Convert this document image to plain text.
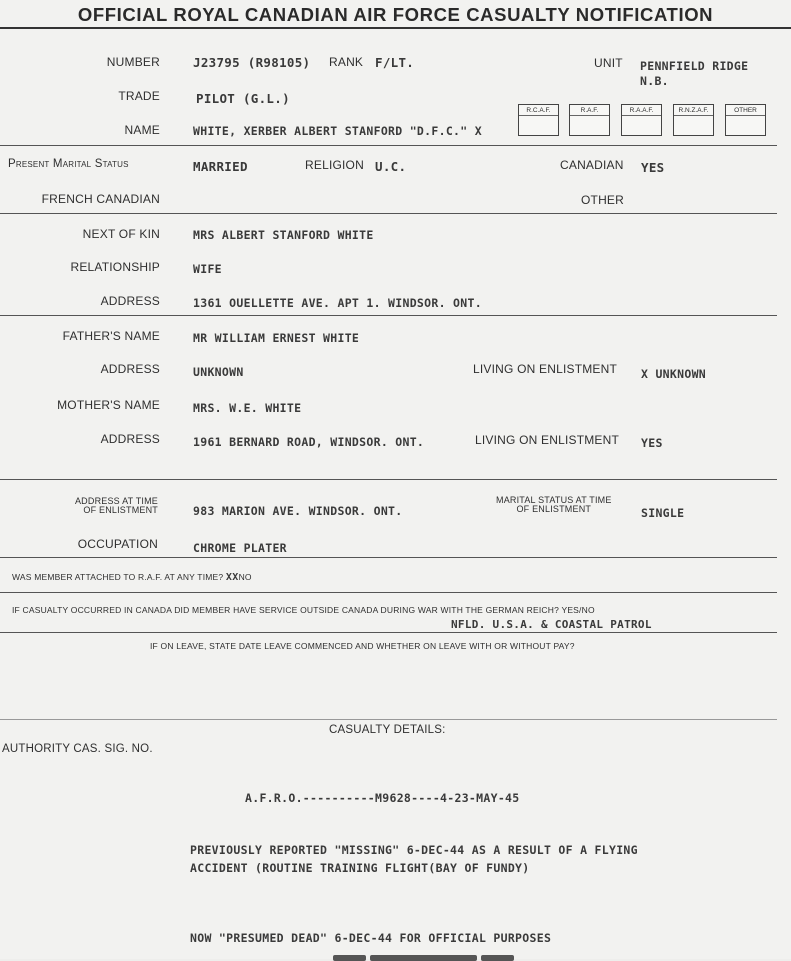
OFFICIAL ROYAL CANADIAN AIR FORCE CASUALTY NOTIFICATION
NUMBER	J23795 (R98105) RANK F/LT.	UNIT PENNFIELD RIDGE
N.B.
TRADE	PILOT (G.L.)
R.C.A.F.	R.A.F.	R.A.A.F.	R.N.Z.A.F.	OTHER
NAME	WHITE, XERBER ALBERT STANFORD "D.F.C." X
Present Marital Status	MARRIED	RELIGION U.C.	CANADIAN YES
FRENCH CANADIAN	OTHER
NEXT OF KIN	MRS ALBERT STANFORD WHITE
RELATIONSHIP	WIFE
ADDRESS	1361 OUELLETTE AVE. APT 1. WINDSOR. ONT.
FATHER'S NAME	MR WILLIAM ERNEST WHITE
ADDRESS	UNKNOWN	LIVING ON ENLISTMENT X UNKNOWN
MOTHER'S NAME	MRS. W.E. WHITE
ADDRESS	1961 BERNARD ROAD, WINDSOR. ONT.	LIVING ON ENLISTMENT YES
ADDRESS AT TIME
OF ENLISTMENT	983 MARION AVE. WINDSOR. ONT.
MARITAL STATUS AT TIME
OF ENLISTMENT	SINGLE
OCCUPATION	CHROME PLATER
WAS MEMBER ATTACHED TO R.A.F. AT ANY TIME? XXNO
IF CASUALTY OCCURRED IN CANADA DID MEMBER HAVE SERVICE OUTSIDE CANADA DURING WAR WITH THE GERMAN REICH? YES/NO
NFLD. U.S.A. & COASTAL PATROL
IF ON LEAVE, STATE DATE LEAVE COMMENCED AND WHETHER ON LEAVE WITH OR WITHOUT PAY?
CASUALTY DETAILS:
AUTHORITY CAS. SIG. NO.
A.F.R.O.----------M9628----4-23-MAY-45
PREVIOUSLY REPORTED "MISSING" 6-DEC-44 AS A RESULT OF A FLYING
ACCIDENT (ROUTINE TRAINING FLIGHT(BAY OF FUNDY)
NOW "PRESUMED DEAD" 6-DEC-44 FOR OFFICIAL PURPOSES
